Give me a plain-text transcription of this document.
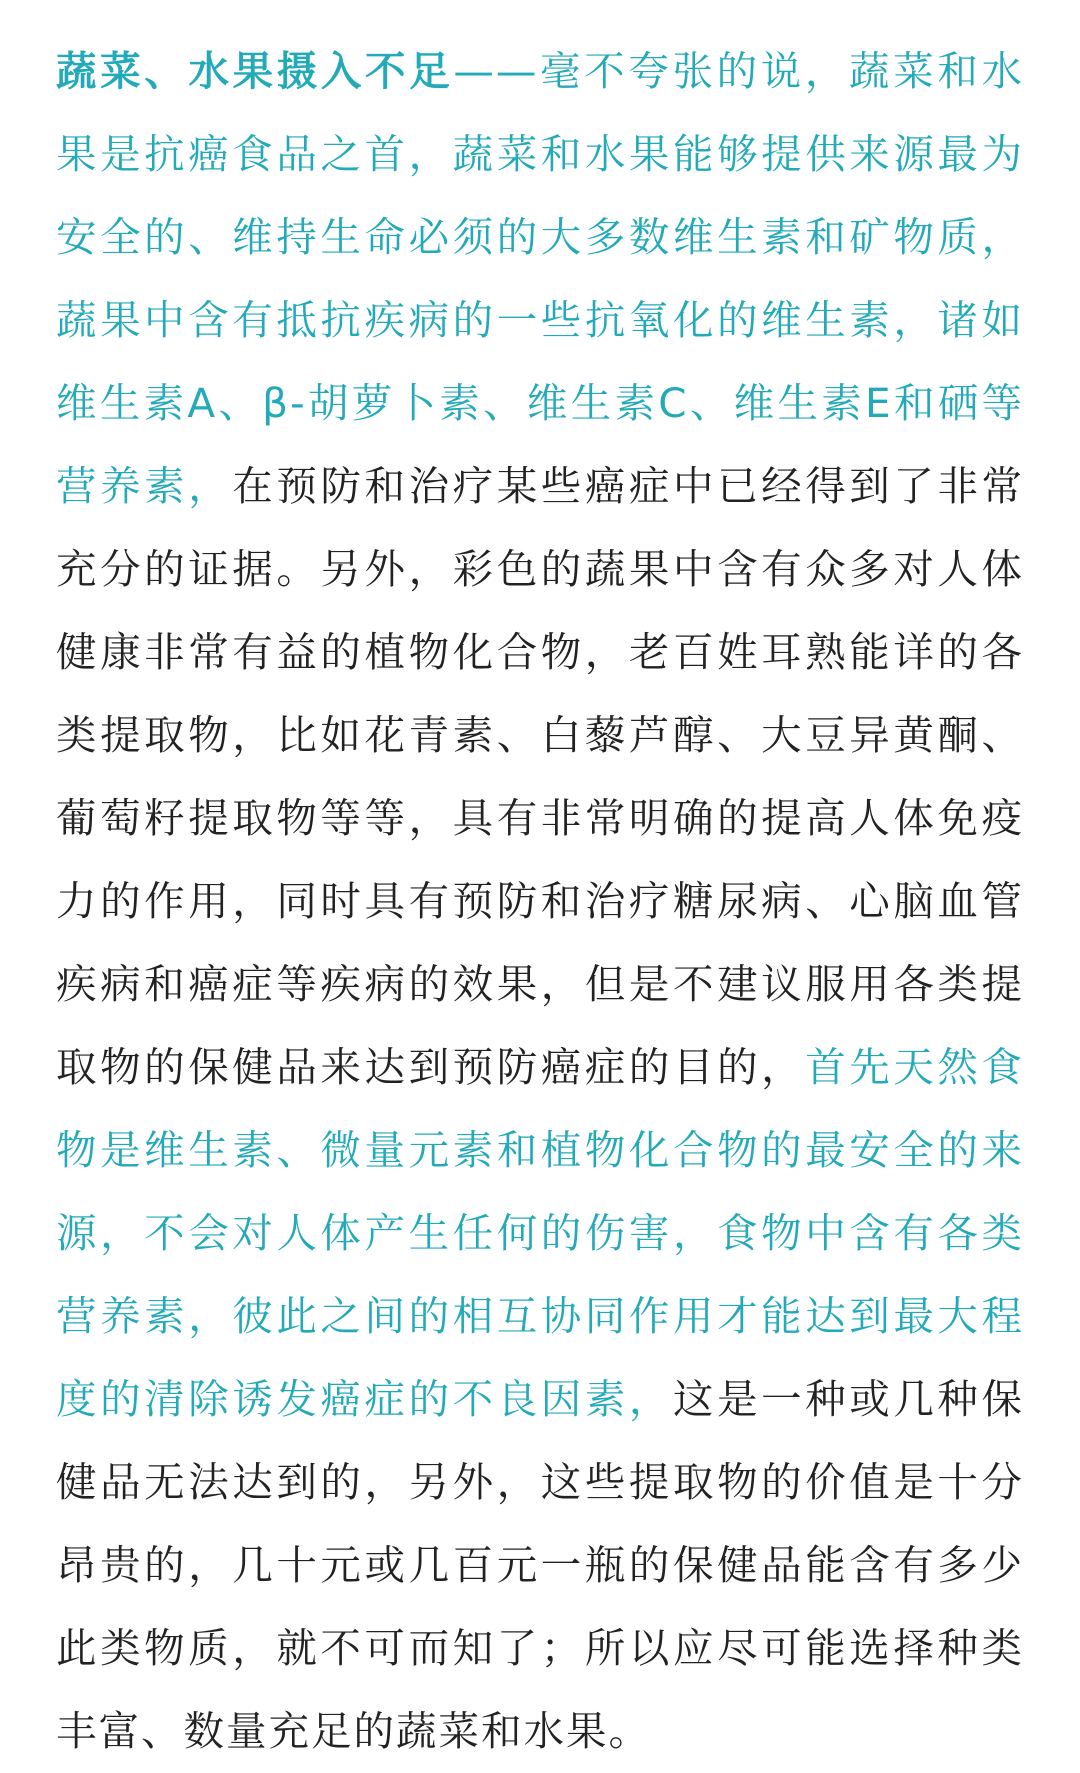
蔬菜、水果摄入不足——毫不夸张的说，蔬菜和水果是抗癌食品之首，蔬菜和水果能够提供来源最为安全的、维持生命必须的大多数维生素和矿物质，蔬果中含有抵抗疾病的一些抗氧化的维生素，诸如维生素A、β-胡萝卜素、维生素C、维生素E和硒等营养素，在预防和治疗某些癌症中已经得到了非常充分的证据。另外，彩色的蔬果中含有众多对人体健康非常有益的植物化合物，老百姓耳熟能详的各类提取物，比如花青素、白藜芦醇、大豆异黄酮、葡萄籽提取物等等，具有非常明确的提高人体免疫力的作用，同时具有预防和治疗糖尿病、心脑血管疾病和癌症等疾病的效果，但是不建议服用各类提取物的保健品来达到预防癌症的目的，首先天然食物是维生素、微量元素和植物化合物的最安全的来源，不会对人体产生任何的伤害，食物中含有各类营养素，彼此之间的相互协同作用才能达到最大程度的清除诱发癌症的不良因素，这是一种或几种保健品无法达到的，另外，这些提取物的价值是十分昂贵的，几十元或几百元一瓶的保健品能含有多少此类物质，就不可而知了；所以应尽可能选择种类丰富、数量充足的蔬菜和水果。
